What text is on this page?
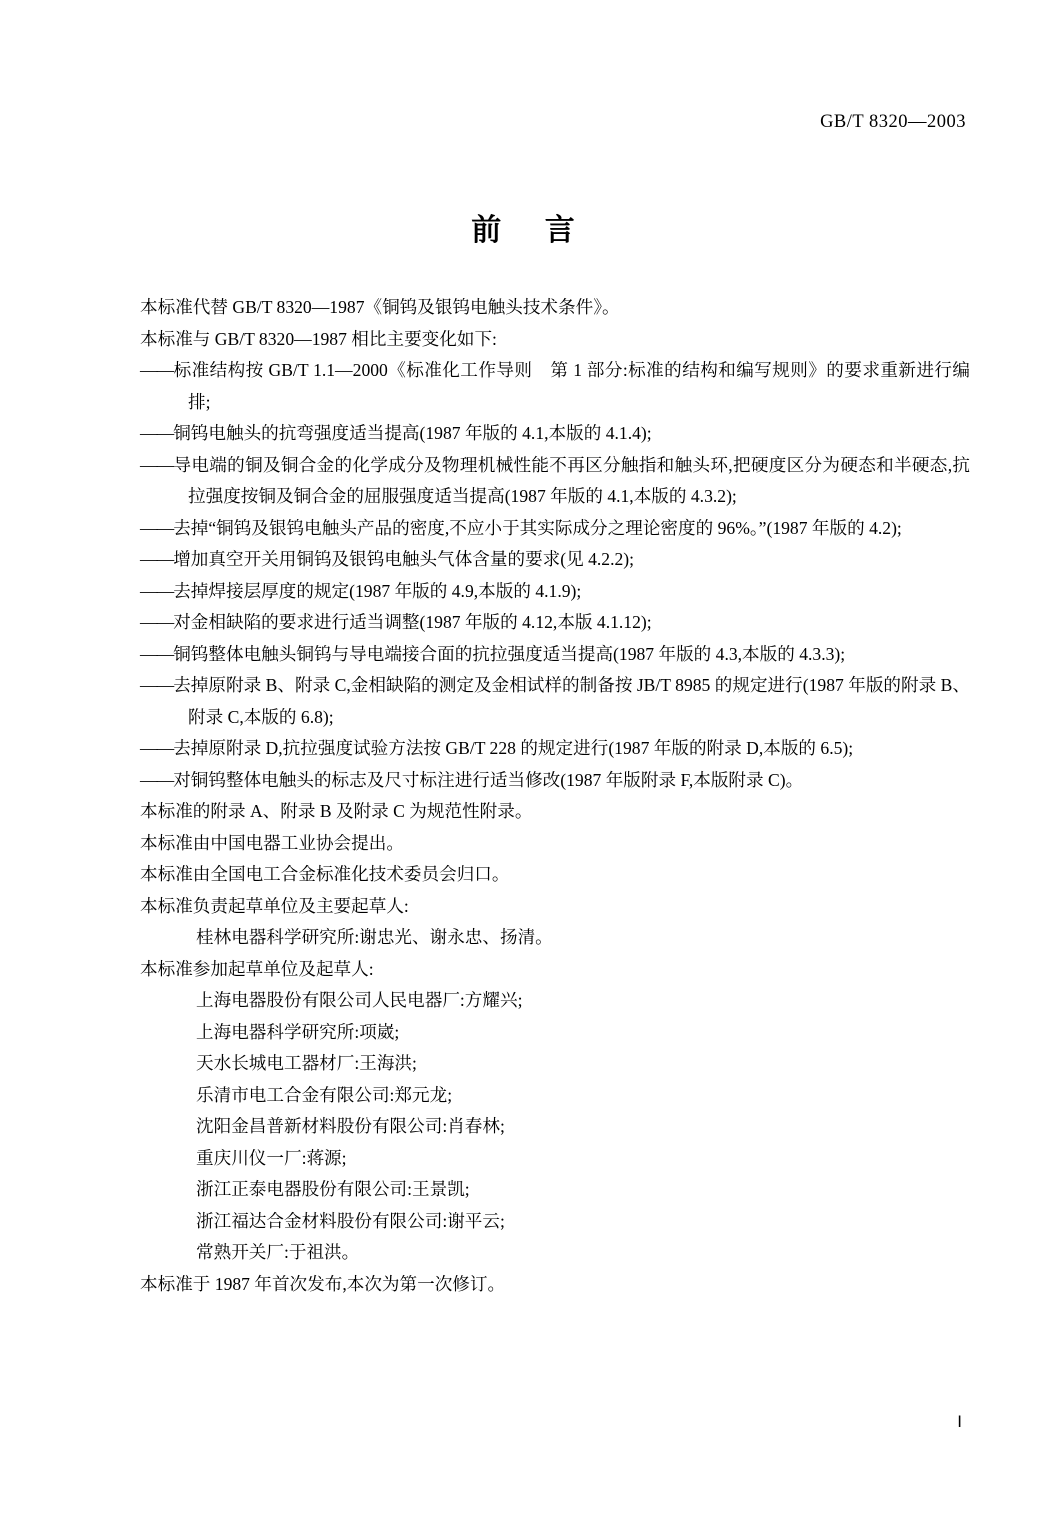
GB/T 8320—2003
前 言

本标准代替 GB/T 8320—1987《铜钨及银钨电触头技术条件》。

本标准与 GB/T 8320—1987 相比主要变化如下:

——标准结构按 GB/T 1.1—2000《标准化工作导则　第 1 部分:标准的结构和编写规则》的要求重新进行编排;

——铜钨电触头的抗弯强度适当提高(1987 年版的 4.1,本版的 4.1.4);

——导电端的铜及铜合金的化学成分及物理机械性能不再区分触指和触头环,把硬度区分为硬态和半硬态,抗拉强度按铜及铜合金的屈服强度适当提高(1987 年版的 4.1,本版的 4.3.2);

——去掉“铜钨及银钨电触头产品的密度,不应小于其实际成分之理论密度的 96%。”(1987 年版的 4.2);

——增加真空开关用铜钨及银钨电触头气体含量的要求(见 4.2.2);

——去掉焊接层厚度的规定(1987 年版的 4.9,本版的 4.1.9);

——对金相缺陷的要求进行适当调整(1987 年版的 4.12,本版 4.1.12);

——铜钨整体电触头铜钨与导电端接合面的抗拉强度适当提高(1987 年版的 4.3,本版的 4.3.3);

——去掉原附录 B、附录 C,金相缺陷的测定及金相试样的制备按 JB/T 8985 的规定进行(1987 年版的附录 B、附录 C,本版的 6.8);

——去掉原附录 D,抗拉强度试验方法按 GB/T 228 的规定进行(1987 年版的附录 D,本版的 6.5);

——对铜钨整体电触头的标志及尺寸标注进行适当修改(1987 年版附录 F,本版附录 C)。

本标准的附录 A、附录 B 及附录 C 为规范性附录。

本标准由中国电器工业协会提出。

本标准由全国电工合金标准化技术委员会归口。

本标准负责起草单位及主要起草人:

桂林电器科学研究所:谢忠光、谢永忠、扬清。

本标准参加起草单位及起草人:

上海电器股份有限公司人民电器厂:方耀兴;

上海电器科学研究所:项崴;

天水长城电工器材厂:王海洪;

乐清市电工合金有限公司:郑元龙;

沈阳金昌普新材料股份有限公司:肖春林;

重庆川仪一厂:蒋源;

浙江正泰电器股份有限公司:王景凯;

浙江福达合金材料股份有限公司:谢平云;

常熟开关厂:于祖洪。

本标准于 1987 年首次发布,本次为第一次修订。

Ⅰ
